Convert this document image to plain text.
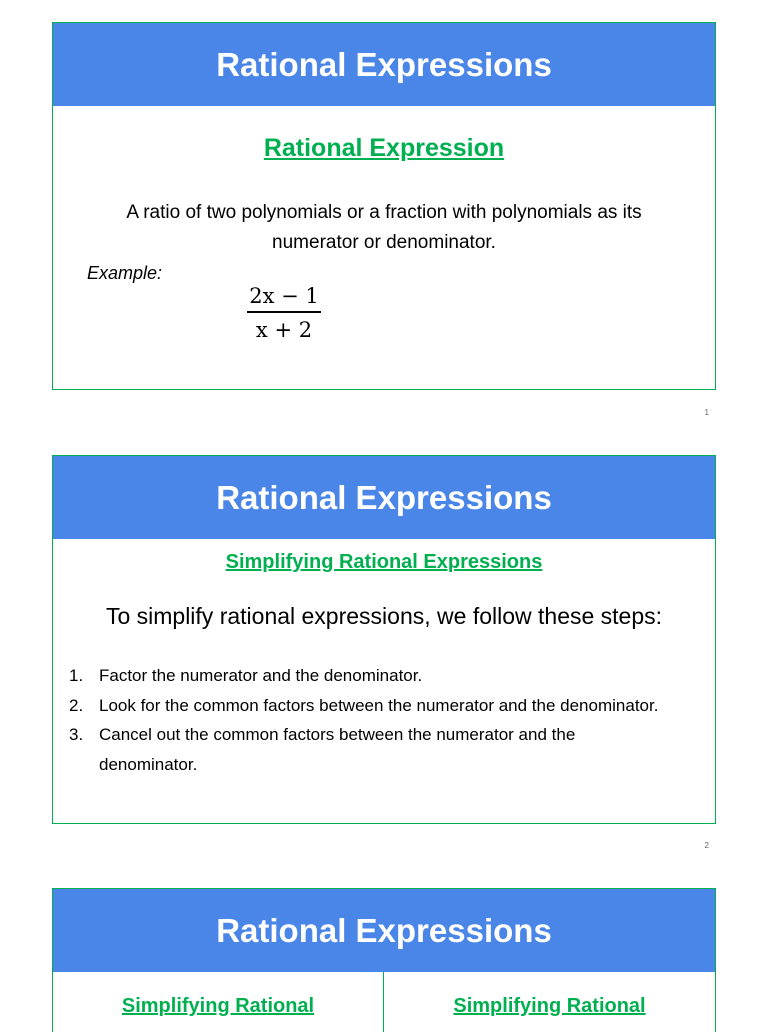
Rational Expressions
Rational Expression
A ratio of two polynomials or a fraction with polynomials as its numerator or denominator.
Example:
2x − 1
x + 2
1
Rational Expressions
Simplifying Rational Expressions
To simplify rational expressions, we follow these steps:
1. Factor the numerator and the denominator.
2. Look for the common factors between the numerator and the denominator.
3. Cancel out the common factors between the numerator and the denominator.
2
Rational Expressions
Simplifying Rational	Simplifying Rational
